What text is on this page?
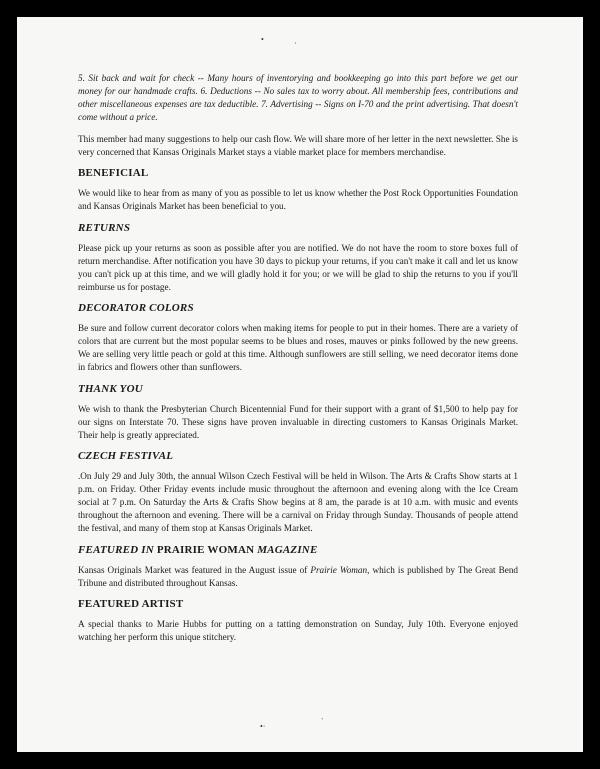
•	·

5. Sit back and wait for check -- Many hours of inventorying and bookkeeping go into this part before we get our money for our handmade crafts. 6. Deductions -- No sales tax to worry about. All membership fees, contributions and other miscellaneous expenses are tax deductible. 7. Advertising -- Signs on I-70 and the print advertising. That doesn't come without a price.

This member had many suggestions to help our cash flow. We will share more of her letter in the next newsletter. She is very concerned that Kansas Originals Market stays a viable market place for members merchandise.

BENEFICIAL

We would like to hear from as many of you as possible to let us know whether the Post Rock Opportunities Foundation and Kansas Originals Market has been beneficial to you.

RETURNS

Please pick up your returns as soon as possible after you are notified. We do not have the room to store boxes full of return merchandise. After notification you have 30 days to pickup your returns, if you can't make it call and let us know you can't pick up at this time, and we will gladly hold it for you; or we will be glad to ship the returns to you if you'll reimburse us for postage.

DECORATOR COLORS

Be sure and follow current decorator colors when making items for people to put in their homes. There are a variety of colors that are current but the most popular seems to be blues and roses, mauves or pinks followed by the new greens. We are selling very little peach or gold at this time. Although sunflowers are still selling, we need decorator items done in fabrics and flowers other than sunflowers.

THANK YOU

We wish to thank the Presbyterian Church Bicentennial Fund for their support with a grant of $1,500 to help pay for our signs on Interstate 70. These signs have proven invaluable in directing customers to Kansas Originals Market. Their help is greatly appreciated.

CZECH FESTIVAL

.On July 29 and July 30th, the annual Wilson Czech Festival will be held in Wilson. The Arts & Crafts Show starts at 1 p.m. on Friday. Other Friday events include music throughout the afternoon and evening along with the Ice Cream social at 7 p.m. On Saturday the Arts & Crafts Show begins at 8 am, the parade is at 10 a.m. with music and events throughout the afternoon and evening. There will be a carnival on Friday through Sunday. Thousands of people attend the festival, and many of them stop at Kansas Originals Market.

FEATURED IN PRAIRIE WOMAN MAGAZINE

Kansas Originals Market was featured in the August issue of Prairie Woman, which is published by The Great Bend Tribune and distributed throughout Kansas.

FEATURED ARTIST

A special thanks to Marie Hubbs for putting on a tatting demonstration on Sunday, July 10th. Everyone enjoyed watching her perform this unique stitchery.

•·
`
